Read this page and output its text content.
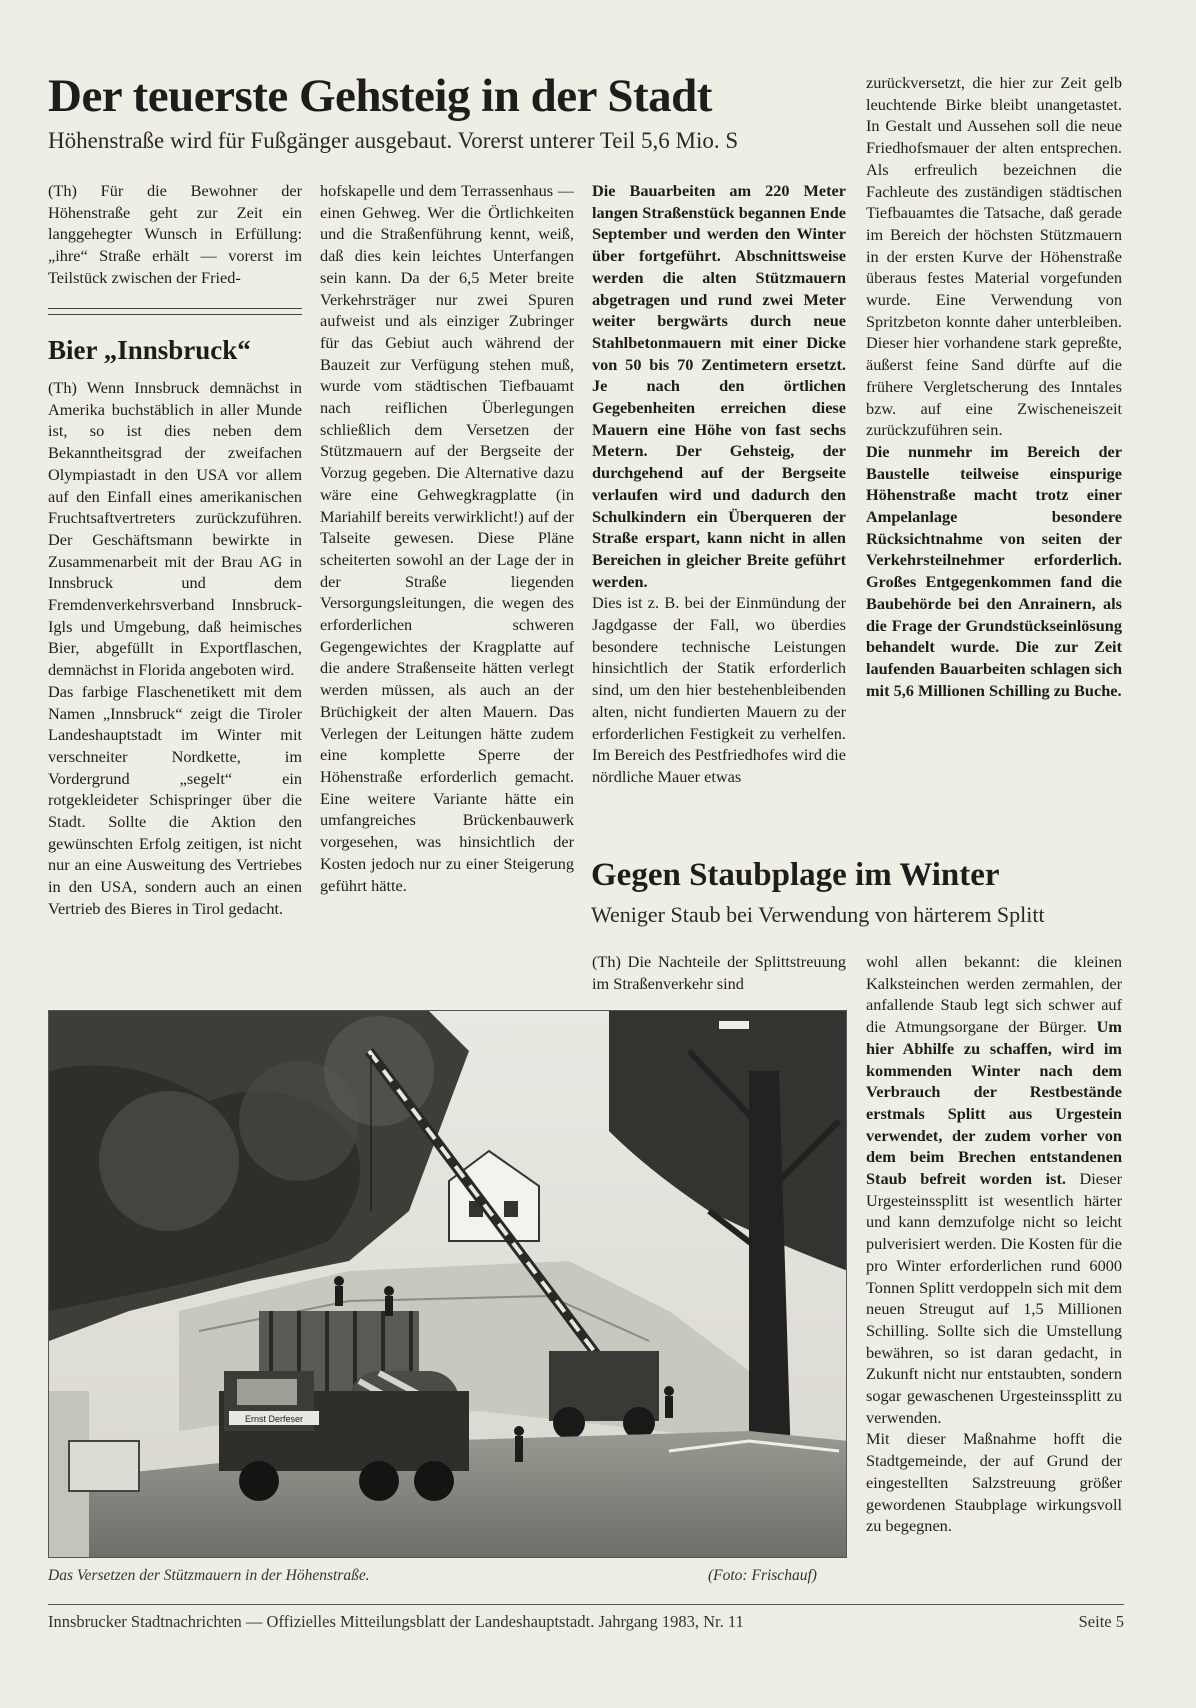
Der teuerste Gehsteig in der Stadt
Höhenstraße wird für Fußgänger ausgebaut. Vorerst unterer Teil 5,6 Mio. S

(Th) Für die Bewohner der Höhenstraße geht zur Zeit ein langgehegter Wunsch in Erfüllung: „ihre“ Straße erhält — vorerst im Teilstück zwischen der Fried-

Bier „Innsbruck“

(Th) Wenn Innsbruck demnächst in Amerika buchstäblich in aller Munde ist, so ist dies neben dem Bekanntheitsgrad der zweifachen Olympiastadt in den USA vor allem auf den Einfall eines amerikanischen Fruchtsaftvertreters zurückzuführen. Der Geschäftsmann bewirkte in Zusammenarbeit mit der Brau AG in Innsbruck und dem Fremdenverkehrsverband Innsbruck-Igls und Umgebung, daß heimisches Bier, abgefüllt in Exportflaschen, demnächst in Florida angeboten wird.

Das farbige Flaschenetikett mit dem Namen „Innsbruck“ zeigt die Tiroler Landeshauptstadt im Winter mit verschneiter Nordkette, im Vordergrund „segelt“ ein rotgekleideter Schispringer über die Stadt. Sollte die Aktion den gewünschten Erfolg zeitigen, ist nicht nur an eine Ausweitung des Vertriebes in den USA, sondern auch an einen Vertrieb des Bieres in Tirol gedacht.

hofskapelle und dem Terrassenhaus — einen Gehweg. Wer die Örtlichkeiten und die Straßenführung kennt, weiß, daß dies kein leichtes Unterfangen sein kann. Da der 6,5 Meter breite Verkehrsträger nur zwei Spuren aufweist und als einziger Zubringer für das Gebiut auch während der Bauzeit zur Verfügung stehen muß, wurde vom städtischen Tiefbauamt nach reiflichen Überlegungen schließlich dem Versetzen der Stützmauern auf der Bergseite der Vorzug gegeben. Die Alternative dazu wäre eine Gehwegkragplatte (in Mariahilf bereits verwirklicht!) auf der Talseite gewesen. Diese Pläne scheiterten sowohl an der Lage der in der Straße liegenden Versorgungsleitungen, die wegen des erforderlichen schweren Gegengewichtes der Kragplatte auf die andere Straßenseite hätten verlegt werden müssen, als auch an der Brüchigkeit der alten Mauern. Das Verlegen der Leitungen hätte zudem eine komplette Sperre der Höhenstraße erforderlich gemacht. Eine weitere Variante hätte ein umfangreiches Brückenbauwerk vorgesehen, was hinsichtlich der Kosten jedoch nur zu einer Steigerung geführt hätte.

Die Bauarbeiten am 220 Meter langen Straßenstück begannen Ende September und werden den Winter über fortgeführt. Abschnittsweise werden die alten Stützmauern abgetragen und rund zwei Meter weiter bergwärts durch neue Stahlbetonmauern mit einer Dicke von 50 bis 70 Zentimetern ersetzt. Je nach den örtlichen Gegebenheiten erreichen diese Mauern eine Höhe von fast sechs Metern. Der Gehsteig, der durchgehend auf der Bergseite verlaufen wird und dadurch den Schulkindern ein Überqueren der Straße erspart, kann nicht in allen Bereichen in gleicher Breite geführt werden.

Dies ist z. B. bei der Einmündung der Jagdgasse der Fall, wo überdies besondere technische Leistungen hinsichtlich der Statik erforderlich sind, um den hier bestehenbleibenden alten, nicht fundierten Mauern zu der erforderlichen Festigkeit zu verhelfen. Im Bereich des Pestfriedhofes wird die nördliche Mauer etwas

zurückversetzt, die hier zur Zeit gelb leuchtende Birke bleibt unangetastet. In Gestalt und Aussehen soll die neue Friedhofsmauer der alten entsprechen. Als erfreulich bezeichnen die Fachleute des zuständigen städtischen Tiefbauamtes die Tatsache, daß gerade im Bereich der höchsten Stützmauern in der ersten Kurve der Höhenstraße überaus festes Material vorgefunden wurde. Eine Verwendung von Spritzbeton konnte daher unterbleiben. Dieser hier vorhandene stark gepreßte, äußerst feine Sand dürfte auf die frühere Vergletscherung des Inntales bzw. auf eine Zwischeneiszeit zurückzuführen sein.

Die nunmehr im Bereich der Baustelle teilweise einspurige Höhenstraße macht trotz einer Ampelanlage besondere Rücksichtnahme von seiten der Verkehrsteilnehmer erforderlich. Großes Entgegenkommen fand die Baubehörde bei den Anrainern, als die Frage der Grundstückseinlösung behandelt wurde. Die zur Zeit laufenden Bauarbeiten schlagen sich mit 5,6 Millionen Schilling zu Buche.

Gegen Staubplage im Winter
Weniger Staub bei Verwendung von härterem Splitt

(Th) Die Nachteile der Splittstreuung im Straßenverkehr sind

wohl allen bekannt: die kleinen Kalksteinchen werden zermahlen, der anfallende Staub legt sich schwer auf die Atmungsorgane der Bürger. Um hier Abhilfe zu schaffen, wird im kommenden Winter nach dem Verbrauch der Restbestände erstmals Splitt aus Urgestein verwendet, der zudem vorher von dem beim Brechen entstandenen Staub befreit worden ist. Dieser Urgesteinssplitt ist wesentlich härter und kann demzufolge nicht so leicht pulverisiert werden. Die Kosten für die pro Winter erforderlichen rund 6000 Tonnen Splitt verdoppeln sich mit dem neuen Streugut auf 1,5 Millionen Schilling. Sollte sich die Umstellung bewähren, so ist daran gedacht, in Zukunft nicht nur entstaubten, sondern sogar gewaschenen Urgesteinssplitt zu verwenden.

Mit dieser Maßnahme hofft die Stadtgemeinde, der auf Grund der eingestellten Salzstreuung größer gewordenen Staubplage wirkungsvoll zu begegnen.

Ernst Derfeser
Das Versetzen der Stützmauern in der Höhenstraße.	(Foto: Frischauf)
Innsbrucker Stadtnachrichten — Offizielles Mitteilungsblatt der Landeshauptstadt. Jahrgang 1983, Nr. 11	Seite 5
